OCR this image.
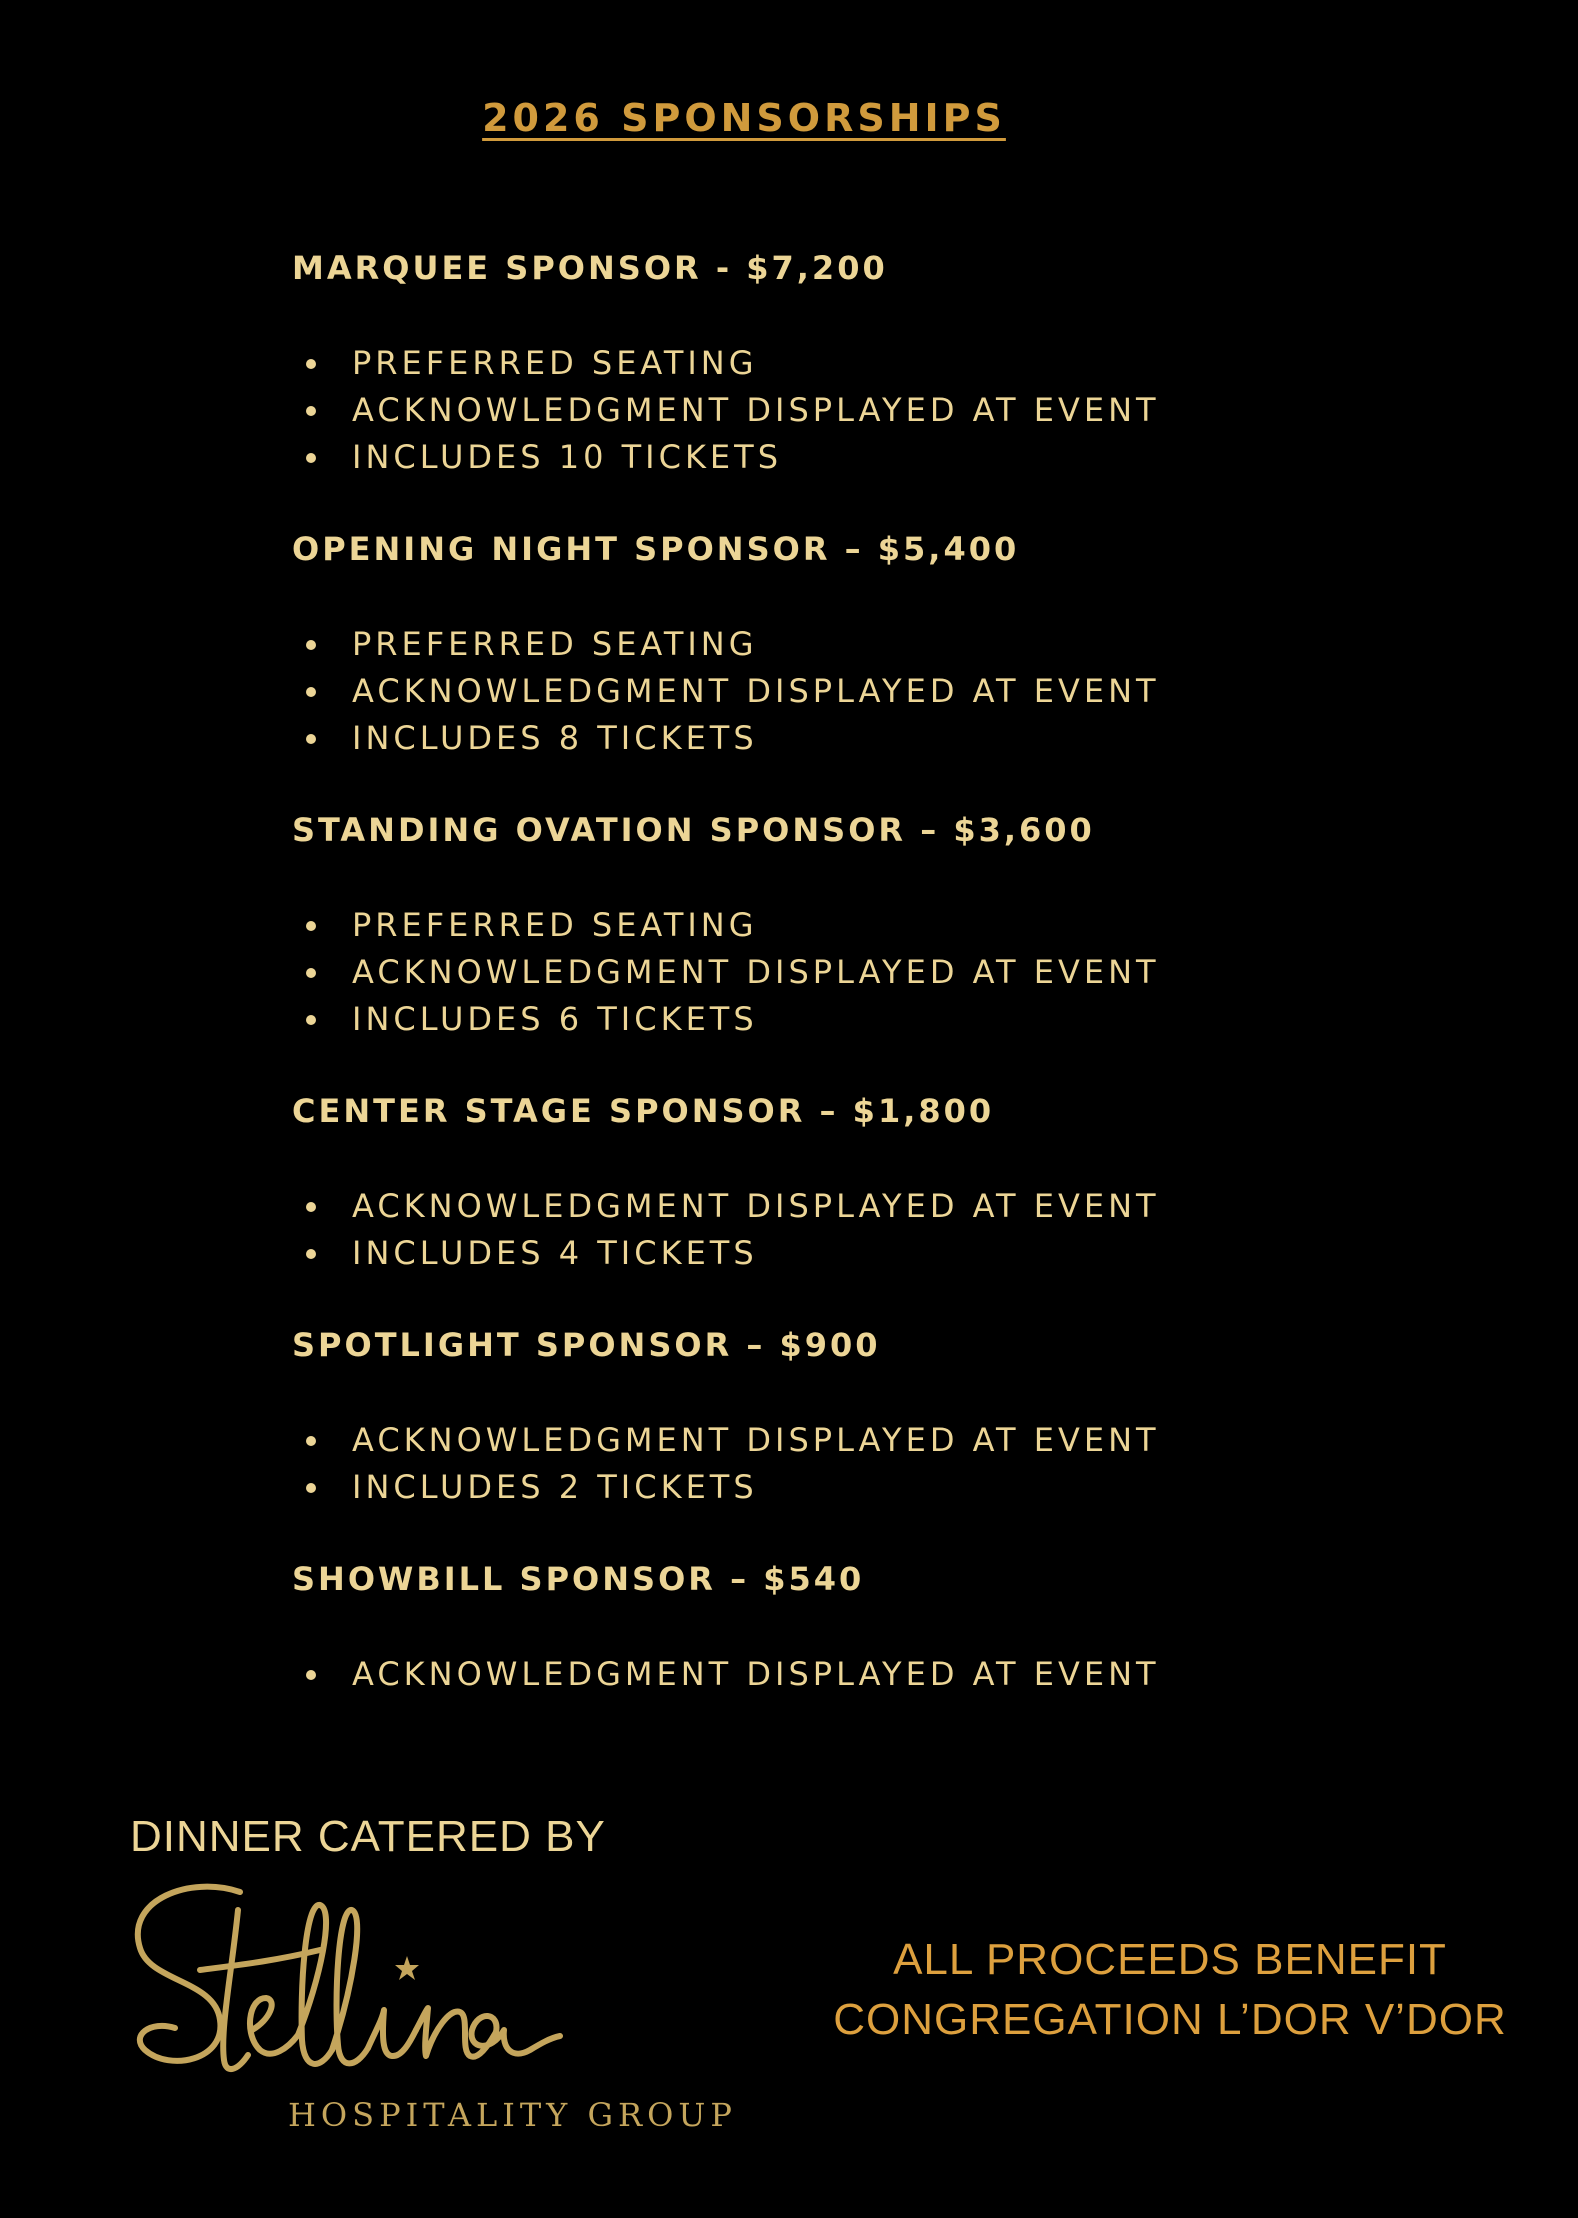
2026 SPONSORSHIPS
MARQUEE SPONSOR - $7,200
PREFERRED SEATING
ACKNOWLEDGMENT DISPLAYED AT EVENT
INCLUDES 10 TICKETS
OPENING NIGHT SPONSOR – $5,400
PREFERRED SEATING
ACKNOWLEDGMENT DISPLAYED AT EVENT
INCLUDES 8 TICKETS
STANDING OVATION SPONSOR – $3,600
PREFERRED SEATING
ACKNOWLEDGMENT DISPLAYED AT EVENT
INCLUDES 6 TICKETS
CENTER STAGE SPONSOR – $1,800
ACKNOWLEDGMENT DISPLAYED AT EVENT
INCLUDES 4 TICKETS
SPOTLIGHT SPONSOR – $900
ACKNOWLEDGMENT DISPLAYED AT EVENT
INCLUDES 2 TICKETS
SHOWBILL SPONSOR – $540
ACKNOWLEDGMENT DISPLAYED AT EVENT
DINNER CATERED BY
HOSPITALITY GROUP
ALL PROCEEDS BENEFIT
CONGREGATION L’DOR V’DOR
